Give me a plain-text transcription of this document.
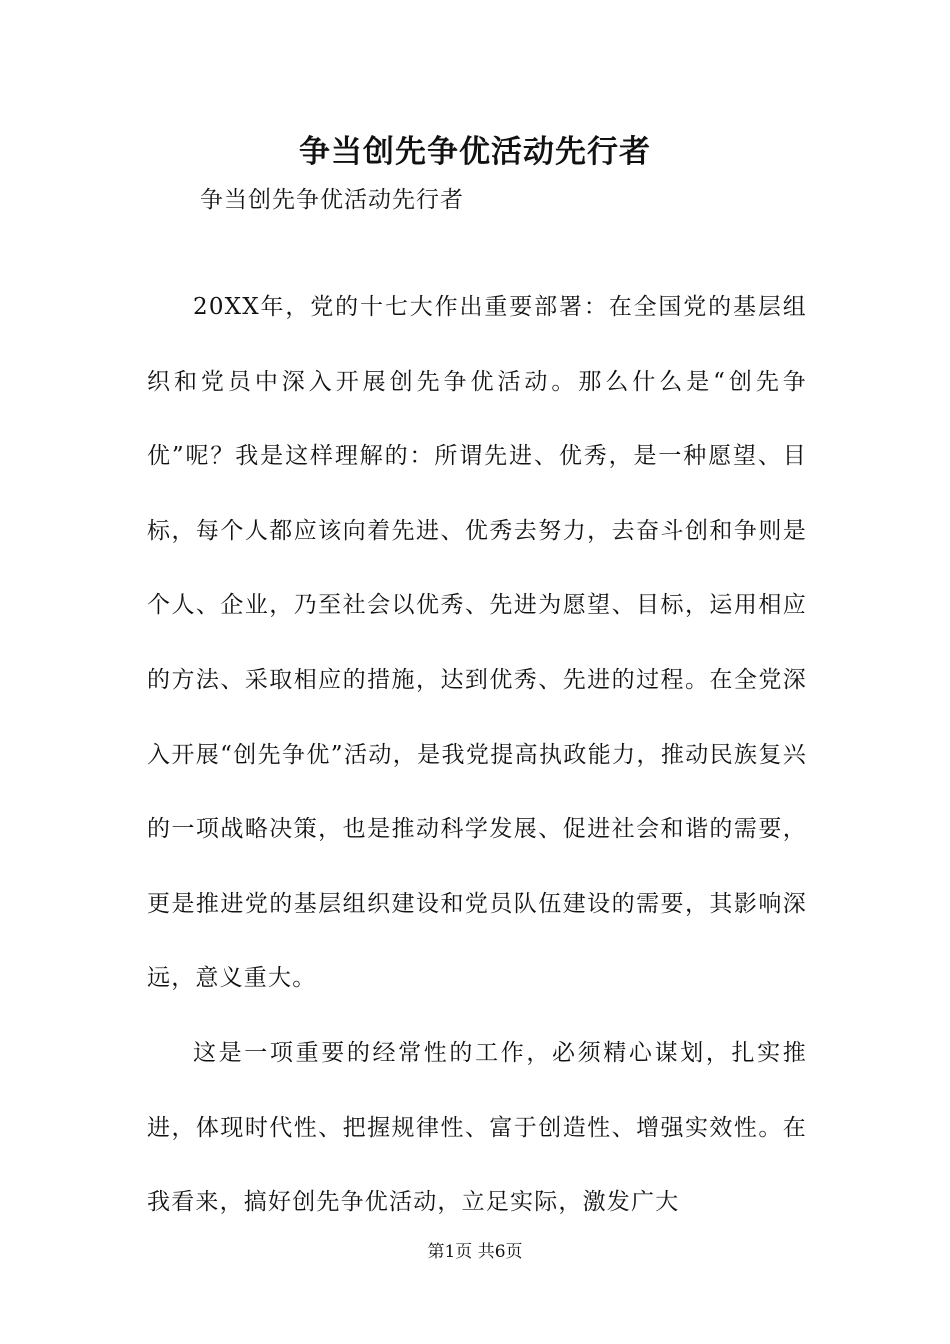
争当创先争优活动先行者
争当创先争优活动先行者

20XX年，党的十七大作出重要部署：在全国党的基层组织和党员中深入开展创先争优活动。那么什么是“创先争优”呢？我是这样理解的：所谓先进、优秀，是一种愿望、目标，每个人都应该向着先进、优秀去努力，去奋斗创和争则是个人、企业，乃至社会以优秀、先进为愿望、目标，运用相应的方法、采取相应的措施，达到优秀、先进的过程。在全党深入开展“创先争优”活动，是我党提高执政能力，推动民族复兴的一项战略决策，也是推动科学发展、促进社会和谐的需要，更是推进党的基层组织建设和党员队伍建设的需要，其影响深远，意义重大。

这是一项重要的经常性的工作，必须精心谋划，扎实推进，体现时代性、把握规律性、富于创造性、增强实效性。在我看来，搞好创先争优活动，立足实际，激发广大

第1页 共6页
